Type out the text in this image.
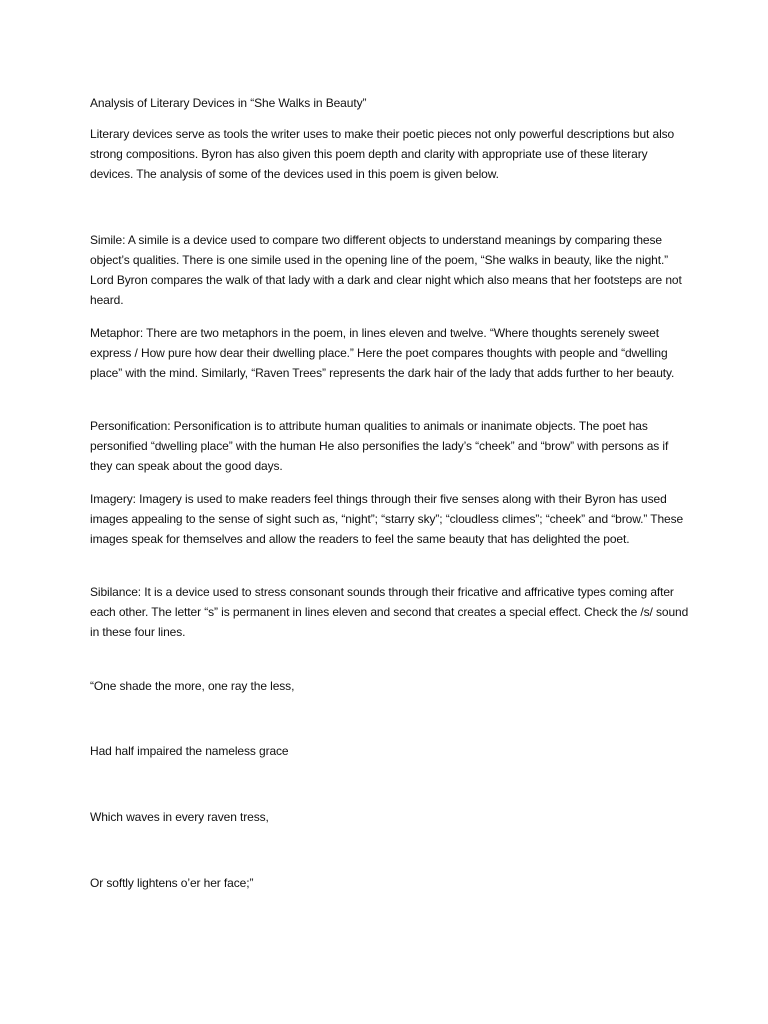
Analysis of Literary Devices in “She Walks in Beauty”

Literary devices serve as tools the writer uses to make their poetic pieces not only powerful descriptions but also strong compositions. Byron has also given this poem depth and clarity with appropriate use of these literary devices. The analysis of some of the devices used in this poem is given below.

Simile: A simile is a device used to compare two different objects to understand meanings by comparing these object’s qualities. There is one simile used in the opening line of the poem, “She walks in beauty, like the night.” Lord Byron compares the walk of that lady with a dark and clear night which also means that her footsteps are not heard.

Metaphor: There are two metaphors in the poem, in lines eleven and twelve. “Where thoughts serenely sweet express / How pure how dear their dwelling place.” Here the poet compares thoughts with people and “dwelling place” with the mind. Similarly, “Raven Trees” represents the dark hair of the lady that adds further to her beauty.

Personification: Personification is to attribute human qualities to animals or inanimate objects. The poet has personified “dwelling place” with the human He also personifies the lady’s “cheek” and “brow” with persons as if they can speak about the good days.

Imagery: Imagery is used to make readers feel things through their five senses along with their Byron has used images appealing to the sense of sight such as, “night”; “starry sky”; “cloudless climes”; “cheek” and “brow.” These images speak for themselves and allow the readers to feel the same beauty that has delighted the poet.

Sibilance: It is a device used to stress consonant sounds through their fricative and affricative types coming after each other. The letter “s” is permanent in lines eleven and second that creates a special effect. Check the /s/ sound in these four lines.

“One shade the more, one ray the less,

Had half impaired the nameless grace

Which waves in every raven tress,

Or softly lightens o’er her face;”
